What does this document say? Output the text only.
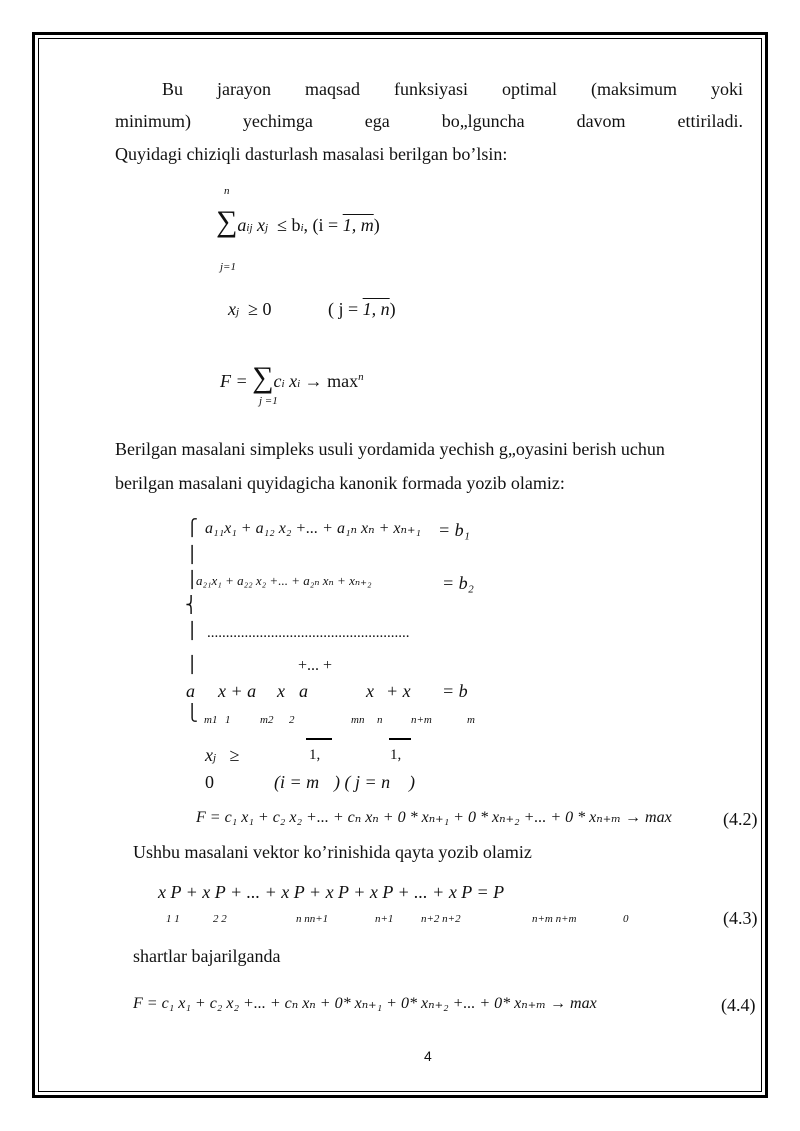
Bu jarayon maqsad funksiyasi optimal (maksimum yoki
minimum)	yechimga	ega	bo„lguncha	davom	ettiriladi.
Quyidagi chiziqli dasturlash masalasi berilgan bo’lsin:
n
∑aij xj ≤ bi, (i = 1, m)
j=1
xj ≥ 0	( j = 1, n)
F = ∑ci xi → $\max^n$
j =1
Berilgan masalani simpleks usuli yordamida yechish g„oyasini berish uchun
berilgan masalani quyidagicha kanonik formada yozib olamiz:
⎧
⎪
⎪
⎨
⎪
⎪
⎩
a₁₁x₁ + a₁₂ x₂ +... + a₁ₙ xₙ + xₙ₊₁ = b₁
a₂₁x₁ + a₂₂ x₂ +... + a₂ₙ xₙ + xₙ₊₂	= b₂
......................................................
+... +
a x + a x a	x + x = b
m1 1	m2 2	mn n	n+m	m
xj ≥	1,	1,
0	(i = m ) ( j = n )
F = c₁ x₁ + c₂ x₂ +... + cₙ xₙ + 0 * xₙ₊₁ + 0 * xₙ₊₂ +... + 0 * xₙ₊ₘ → max	(4.2)
Ushbu masalani vektor ko’rinishida qayta yozib olamiz
x P + x P + ... + x P + x P + x P + ... + x P = P
1 1	2 2	n nn+1	n+1	n+2 n+2	n+m n+m	0	(4.3)
shartlar bajarilganda
F = c₁ x₁ + c₂ x₂ +... + cₙ xₙ + 0* xₙ₊₁ + 0* xₙ₊₂ +... + 0* xₙ₊ₘ → max	(4.4)
4
